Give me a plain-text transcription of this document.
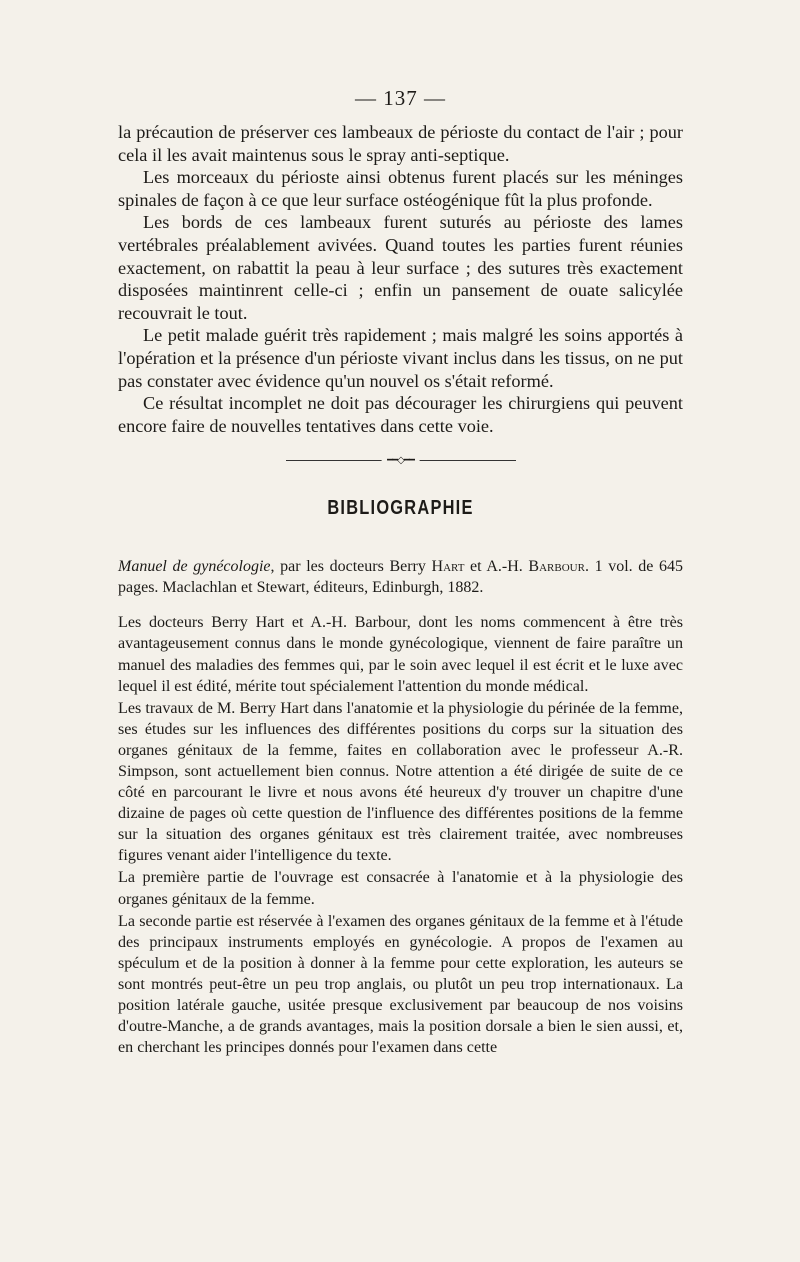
— 137 —

la précaution de préserver ces lambeaux de périoste du contact de l'air ; pour cela il les avait maintenus sous le spray anti-septique.

Les morceaux du périoste ainsi obtenus furent placés sur les méninges spinales de façon à ce que leur surface ostéogénique fût la plus profonde.

Les bords de ces lambeaux furent suturés au périoste des lames vertébrales préalablement avivées. Quand toutes les parties furent réunies exactement, on rabattit la peau à leur surface ; des sutures très exactement disposées maintinrent celle-ci ; enfin un pansement de ouate salicylée recouvrait le tout.

Le petit malade guérit très rapidement ; mais malgré les soins apportés à l'opération et la présence d'un périoste vivant inclus dans les tissus, on ne put pas constater avec évidence qu'un nouvel os s'était reformé.

Ce résultat incomplet ne doit pas décourager les chirurgiens qui peuvent encore faire de nouvelles tentatives dans cette voie.

━━◇━━
BIBLIOGRAPHIE
Manuel de gynécologie, par les docteurs Berry Hart et A.-H. Barbour. 1 vol. de 645 pages. Maclachlan et Stewart, éditeurs, Edinburgh, 1882.

Les docteurs Berry Hart et A.-H. Barbour, dont les noms commencent à être très avantageusement connus dans le monde gynécologique, viennent de faire paraître un manuel des maladies des femmes qui, par le soin avec lequel il est écrit et le luxe avec lequel il est édité, mérite tout spécialement l'attention du monde médical.

Les travaux de M. Berry Hart dans l'anatomie et la physiologie du périnée de la femme, ses études sur les influences des différentes positions du corps sur la situation des organes génitaux de la femme, faites en collaboration avec le professeur A.-R. Simpson, sont actuellement bien connus. Notre attention a été dirigée de suite de ce côté en parcourant le livre et nous avons été heureux d'y trouver un chapitre d'une dizaine de pages où cette question de l'influence des différentes positions de la femme sur la situation des organes génitaux est très clairement traitée, avec nombreuses figures venant aider l'intelligence du texte.

La première partie de l'ouvrage est consacrée à l'anatomie et à la physiologie des organes génitaux de la femme.

La seconde partie est réservée à l'examen des organes génitaux de la femme et à l'étude des principaux instruments employés en gynécologie. A propos de l'examen au spéculum et de la position à donner à la femme pour cette exploration, les auteurs se sont montrés peut-être un peu trop anglais, ou plutôt un peu trop internationaux. La position latérale gauche, usitée presque exclusivement par beaucoup de nos voisins d'outre-Manche, a de grands avantages, mais la position dorsale a bien le sien aussi, et, en cherchant les principes donnés pour l'examen dans cette
